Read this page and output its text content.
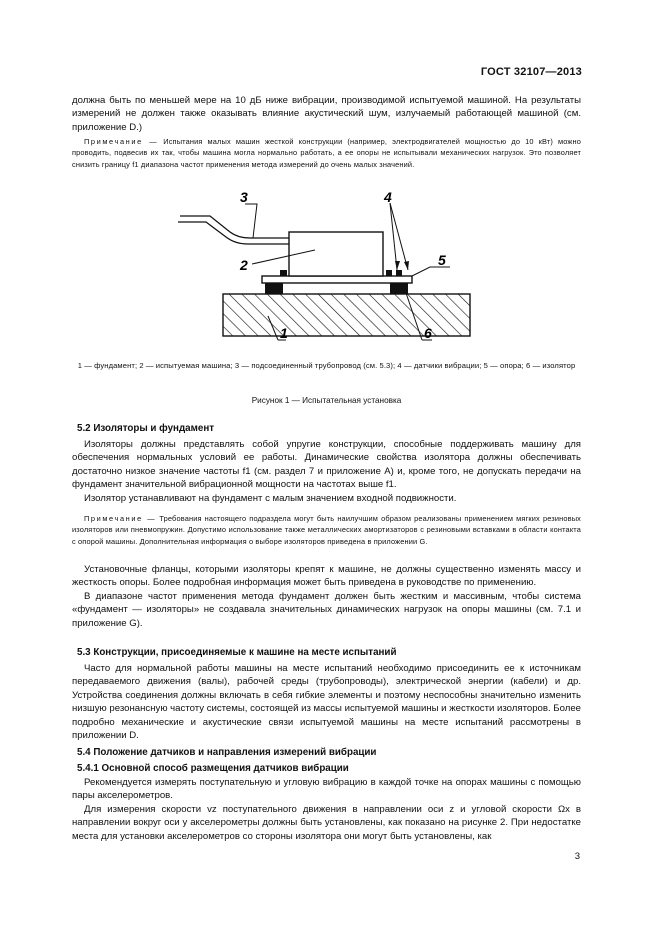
ГОСТ 32107—2013
должна быть по меньшей мере на 10 дБ ниже вибрации, производимой испытуемой машиной. На результаты измерений не должен также оказывать влияние акустический шум, излучаемый работающей машиной (см. приложение D.)

Примечание — Испытания малых машин жесткой конструкции (например, электродвигателей мощностью до 10 кВт) можно проводить, подвесив их так, чтобы машина могла нормально работать, а ее опоры не испытывали механических нагрузок. Это позволяет снизить границу f1 диапазона частот применения метода измерений до очень малых значений.

3
2
4
5
1	6
1 — фундамент; 2 — испытуемая машина; 3 — подсоединенный трубопровод (см. 5.3); 4 — датчики вибрации; 5 — опора; 6 — изолятор
Рисунок 1 — Испытательная установка
5.2 Изоляторы и фундамент

Изоляторы должны представлять собой упругие конструкции, способные поддерживать машину для обеспечения нормальных условий ее работы. Динамические свойства изолятора должны обеспечивать достаточно низкое значение частоты f1 (см. раздел 7 и приложение А) и, кроме того, не допускать передачи на фундамент значительной вибрационной мощности на частотах выше f1.

Изолятор устанавливают на фундамент с малым значением входной подвижности.

Примечание — Требования настоящего подраздела могут быть наилучшим образом реализованы применением мягких резиновых изоляторов или пневмопружин. Допустимо использование также металлических амортизаторов с резиновыми вставками в области контакта с опорой машины. Дополнительная информация о выборе изоляторов приведена в приложении G.

Установочные фланцы, которыми изоляторы крепят к машине, не должны существенно изменять массу и жесткость опоры. Более подробная информация может быть приведена в руководстве по применению.

В диапазоне частот применения метода фундамент должен быть жестким и массивным, чтобы система «фундамент — изоляторы» не создавала значительных динамических нагрузок на опоры машины (см. 7.1 и приложение G).

5.3 Конструкции, присоединяемые к машине на месте испытаний

Часто для нормальной работы машины на месте испытаний необходимо присоединить ее к источникам передаваемого движения (валы), рабочей среды (трубопроводы), электрической энергии (кабели) и др. Устройства соединения должны включать в себя гибкие элементы и поэтому неспособны значительно изменить низшую резонансную частоту системы, состоящей из массы испытуемой машины и жесткости изоляторов. Более подробно механические и акустические связи испытуемой машины на месте испытаний рассмотрены в приложении D.

5.4 Положение датчиков и направления измерений вибрации
5.4.1 Основной способ размещения датчиков вибрации

Рекомендуется измерять поступательную и угловую вибрацию в каждой точке на опорах машины с помощью пары акселерометров.

Для измерения скорости vz поступательного движения в направлении оси z и угловой скорости Ωx в направлении вокруг оси y акселерометры должны быть установлены, как показано на рисунке 2. При недостатке места для установки акселерометров со стороны изолятора они могут быть установлены, как

3
